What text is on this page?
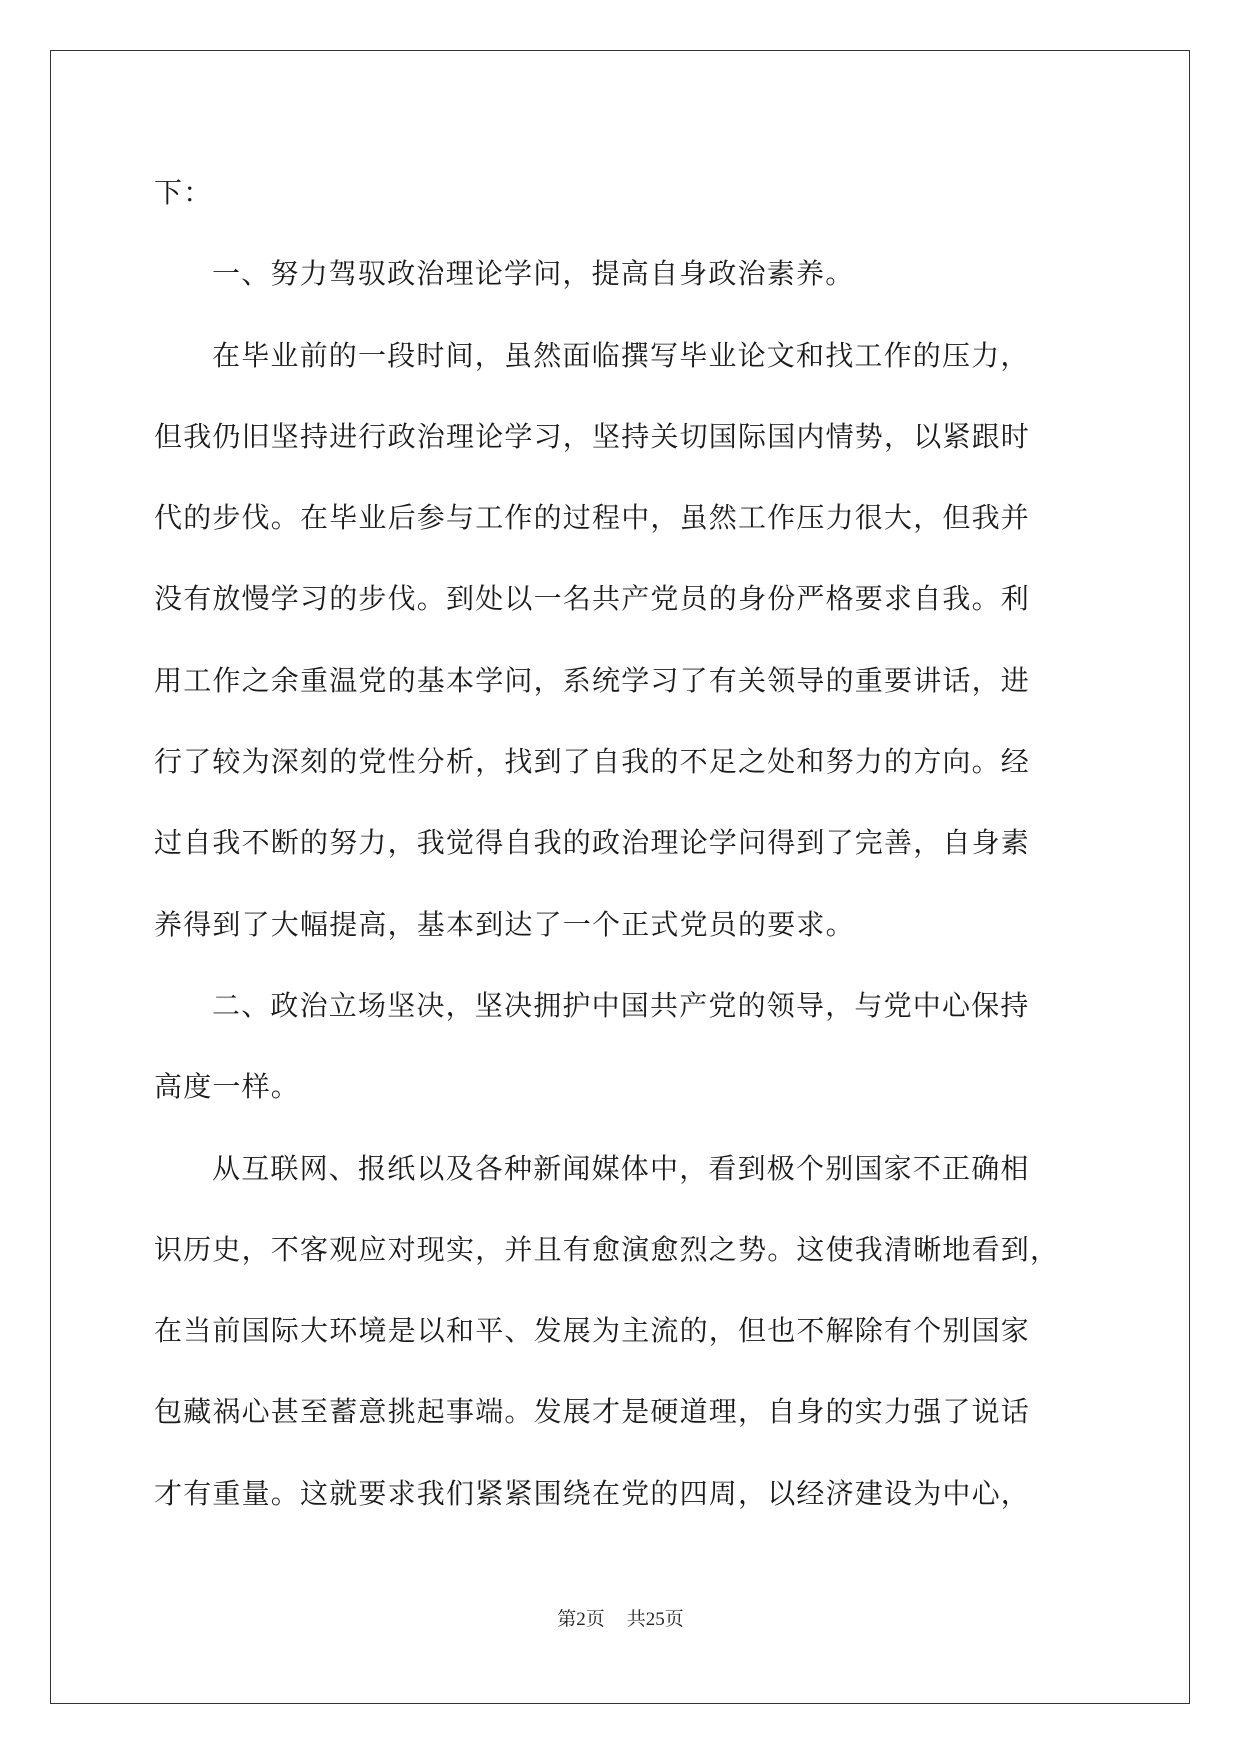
下：
一、努力驾驭政治理论学问，提高自身政治素养。
在毕业前的一段时间，虽然面临撰写毕业论文和找工作的压力，
但我仍旧坚持进行政治理论学习，坚持关切国际国内情势，以紧跟时
代的步伐。在毕业后参与工作的过程中，虽然工作压力很大，但我并
没有放慢学习的步伐。到处以一名共产党员的身份严格要求自我。利
用工作之余重温党的基本学问，系统学习了有关领导的重要讲话，进
行了较为深刻的党性分析，找到了自我的不足之处和努力的方向。经
过自我不断的努力，我觉得自我的政治理论学问得到了完善，自身素
养得到了大幅提高，基本到达了一个正式党员的要求。
二、政治立场坚决，坚决拥护中国共产党的领导，与党中心保持
高度一样。
从互联网、报纸以及各种新闻媒体中，看到极个别国家不正确相
识历史，不客观应对现实，并且有愈演愈烈之势。这使我清晰地看到，
在当前国际大环境是以和平、发展为主流的，但也不解除有个别国家
包藏祸心甚至蓄意挑起事端。发展才是硬道理，自身的实力强了说话
才有重量。这就要求我们紧紧围绕在党的四周，以经济建设为中心，
第2页 共25页
